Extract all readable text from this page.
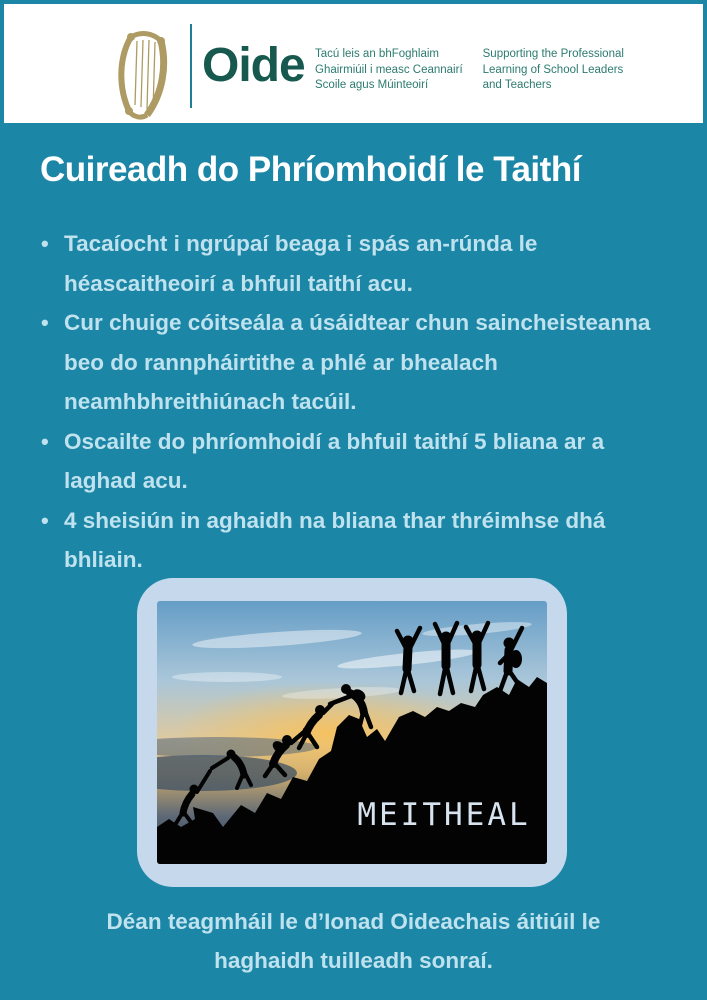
Oide Tacú leis an bhFoghlaim
Ghairmiúil i measc Ceannairí
Scoile agus Múinteoirí
Supporting the Professional
Learning of School Leaders
and Teachers
Cuireadh do Phríomhoidí le Taithí
• Tacaíocht i ngrúpaí beaga i spás an-rúnda le
héascaitheoirí a bhfuil taithí acu.
• Cur chuige cóitseála a úsáidtear chun saincheisteanna
beo do rannpháirtithe a phlé ar bhealach
neamhbhreithiúnach tacúil.
• Oscailte do phríomhoidí a bhfuil taithí 5 bliana ar a
laghad acu.
• 4 sheisiún in aghaidh na bliana thar thréimhse dhá
bhliain.
MEITHEAL
Déan teagmháil le d’Ionad Oideachais áitiúil le
haghaidh tuilleadh sonraí.
